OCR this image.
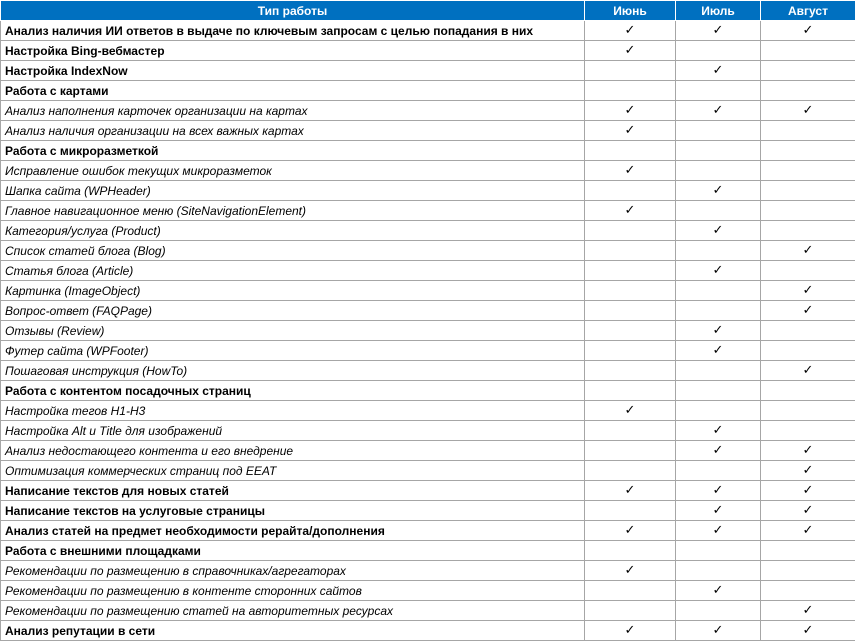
Тип работы	Июнь	Июль	Август
Анализ наличия ИИ ответов в выдаче по ключевым запросам с целью попадания в них	✓	✓	✓
Настройка Bing-вебмастер	✓		
Настройка IndexNow		✓	
Работа с картами			
Анализ наполнения карточек организации на картах	✓	✓	✓
Анализ наличия организации на всех важных картах	✓		
Работа с микроразметкой			
Исправление ошибок текущих микроразметок	✓		
Шапка сайта (WPHeader)		✓	
Главное навигационное меню (SiteNavigationElement)	✓		
Категория/услуга (Product)		✓	
Список статей блога (Blog)			✓
Статья блога (Article)		✓	
Картинка (ImageObject)			✓
Вопрос-ответ (FAQPage)			✓
Отзывы (Review)		✓	
Футер сайта (WPFooter)		✓	
Пошаговая инструкция (HowTo)			✓
Работа с контентом посадочных страниц			
Настройка тегов H1-H3	✓		
Настройка Alt и Title для изображений		✓	
Анализ недостающего контента и его внедрение		✓	✓
Оптимизация коммерческих страниц под EEAT			✓
Написание текстов для новых статей	✓	✓	✓
Написание текстов на услуговые страницы		✓	✓
Анализ статей на предмет необходимости рерайта/дополнения	✓	✓	✓
Работа с внешними площадками			
Рекомендации по размещению в справочниках/агрегаторах	✓		
Рекомендации по размещению в контенте сторонних сайтов		✓	
Рекомендации по размещению статей на авторитетных ресурсах			✓
Анализ репутации в сети	✓	✓	✓
